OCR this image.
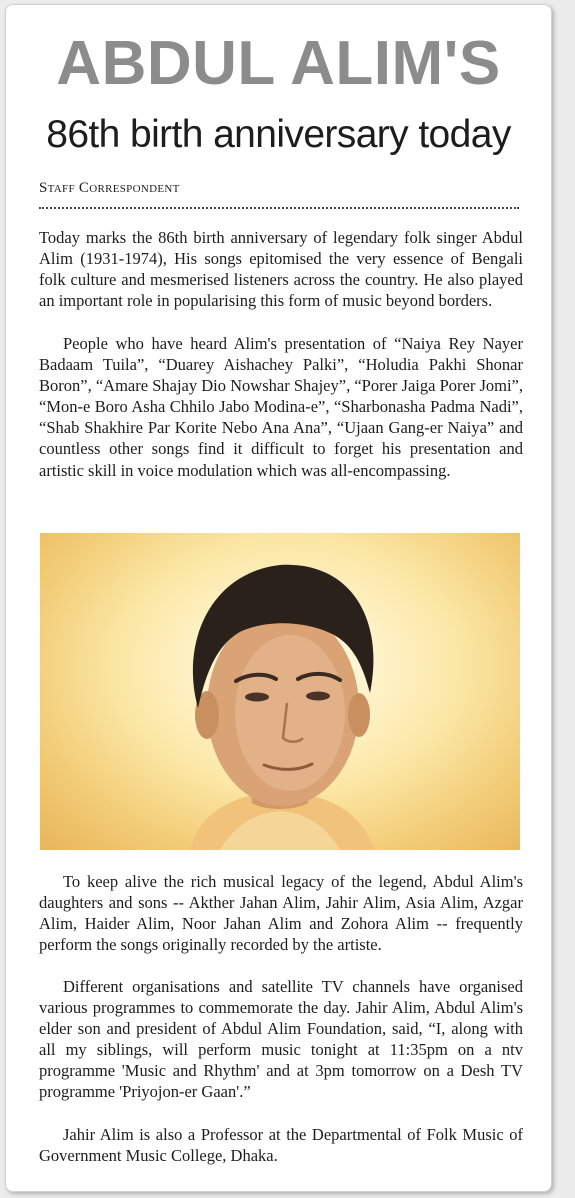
ABDUL ALIM'S
86th birth anniversary today
Staff Correspondent

Today marks the 86th birth anniversary of legendary folk singer Abdul Alim (1931-1974), His songs epitomised the very essence of Bengali folk culture and mesmerised listeners across the country. He also played an important role in popularising this form of music beyond borders.

People who have heard Alim's presentation of “Naiya Rey Nayer Badaam Tuila”, “Duarey Aishachey Palki”, “Holudia Pakhi Shonar Boron”, “Amare Shajay Dio Nowshar Shajey”, “Porer Jaiga Porer Jomi”, “Mon-e Boro Asha Chhilo Jabo Modina-e”, “Sharbonasha Padma Nadi”, “Shab Shakhire Par Korite Nebo Ana Ana”, “Ujaan Gang-er Naiya” and countless other songs find it difficult to forget his presentation and artistic skill in voice modulation which was all-encompassing.

To keep alive the rich musical legacy of the legend, Abdul Alim's daughters and sons -- Akther Jahan Alim, Jahir Alim, Asia Alim, Azgar Alim, Haider Alim, Noor Jahan Alim and Zohora Alim -- frequently perform the songs originally recorded by the artiste.

Different organisations and satellite TV channels have organised various programmes to commemorate the day. Jahir Alim, Abdul Alim's elder son and president of Abdul Alim Foundation, said, “I, along with all my siblings, will perform music tonight at 11:35pm on a ntv programme 'Music and Rhythm' and at 3pm tomorrow on a Desh TV programme 'Priyojon-er Gaan'.”

Jahir Alim is also a Professor at the Departmental of Folk Music of Government Music College, Dhaka.
